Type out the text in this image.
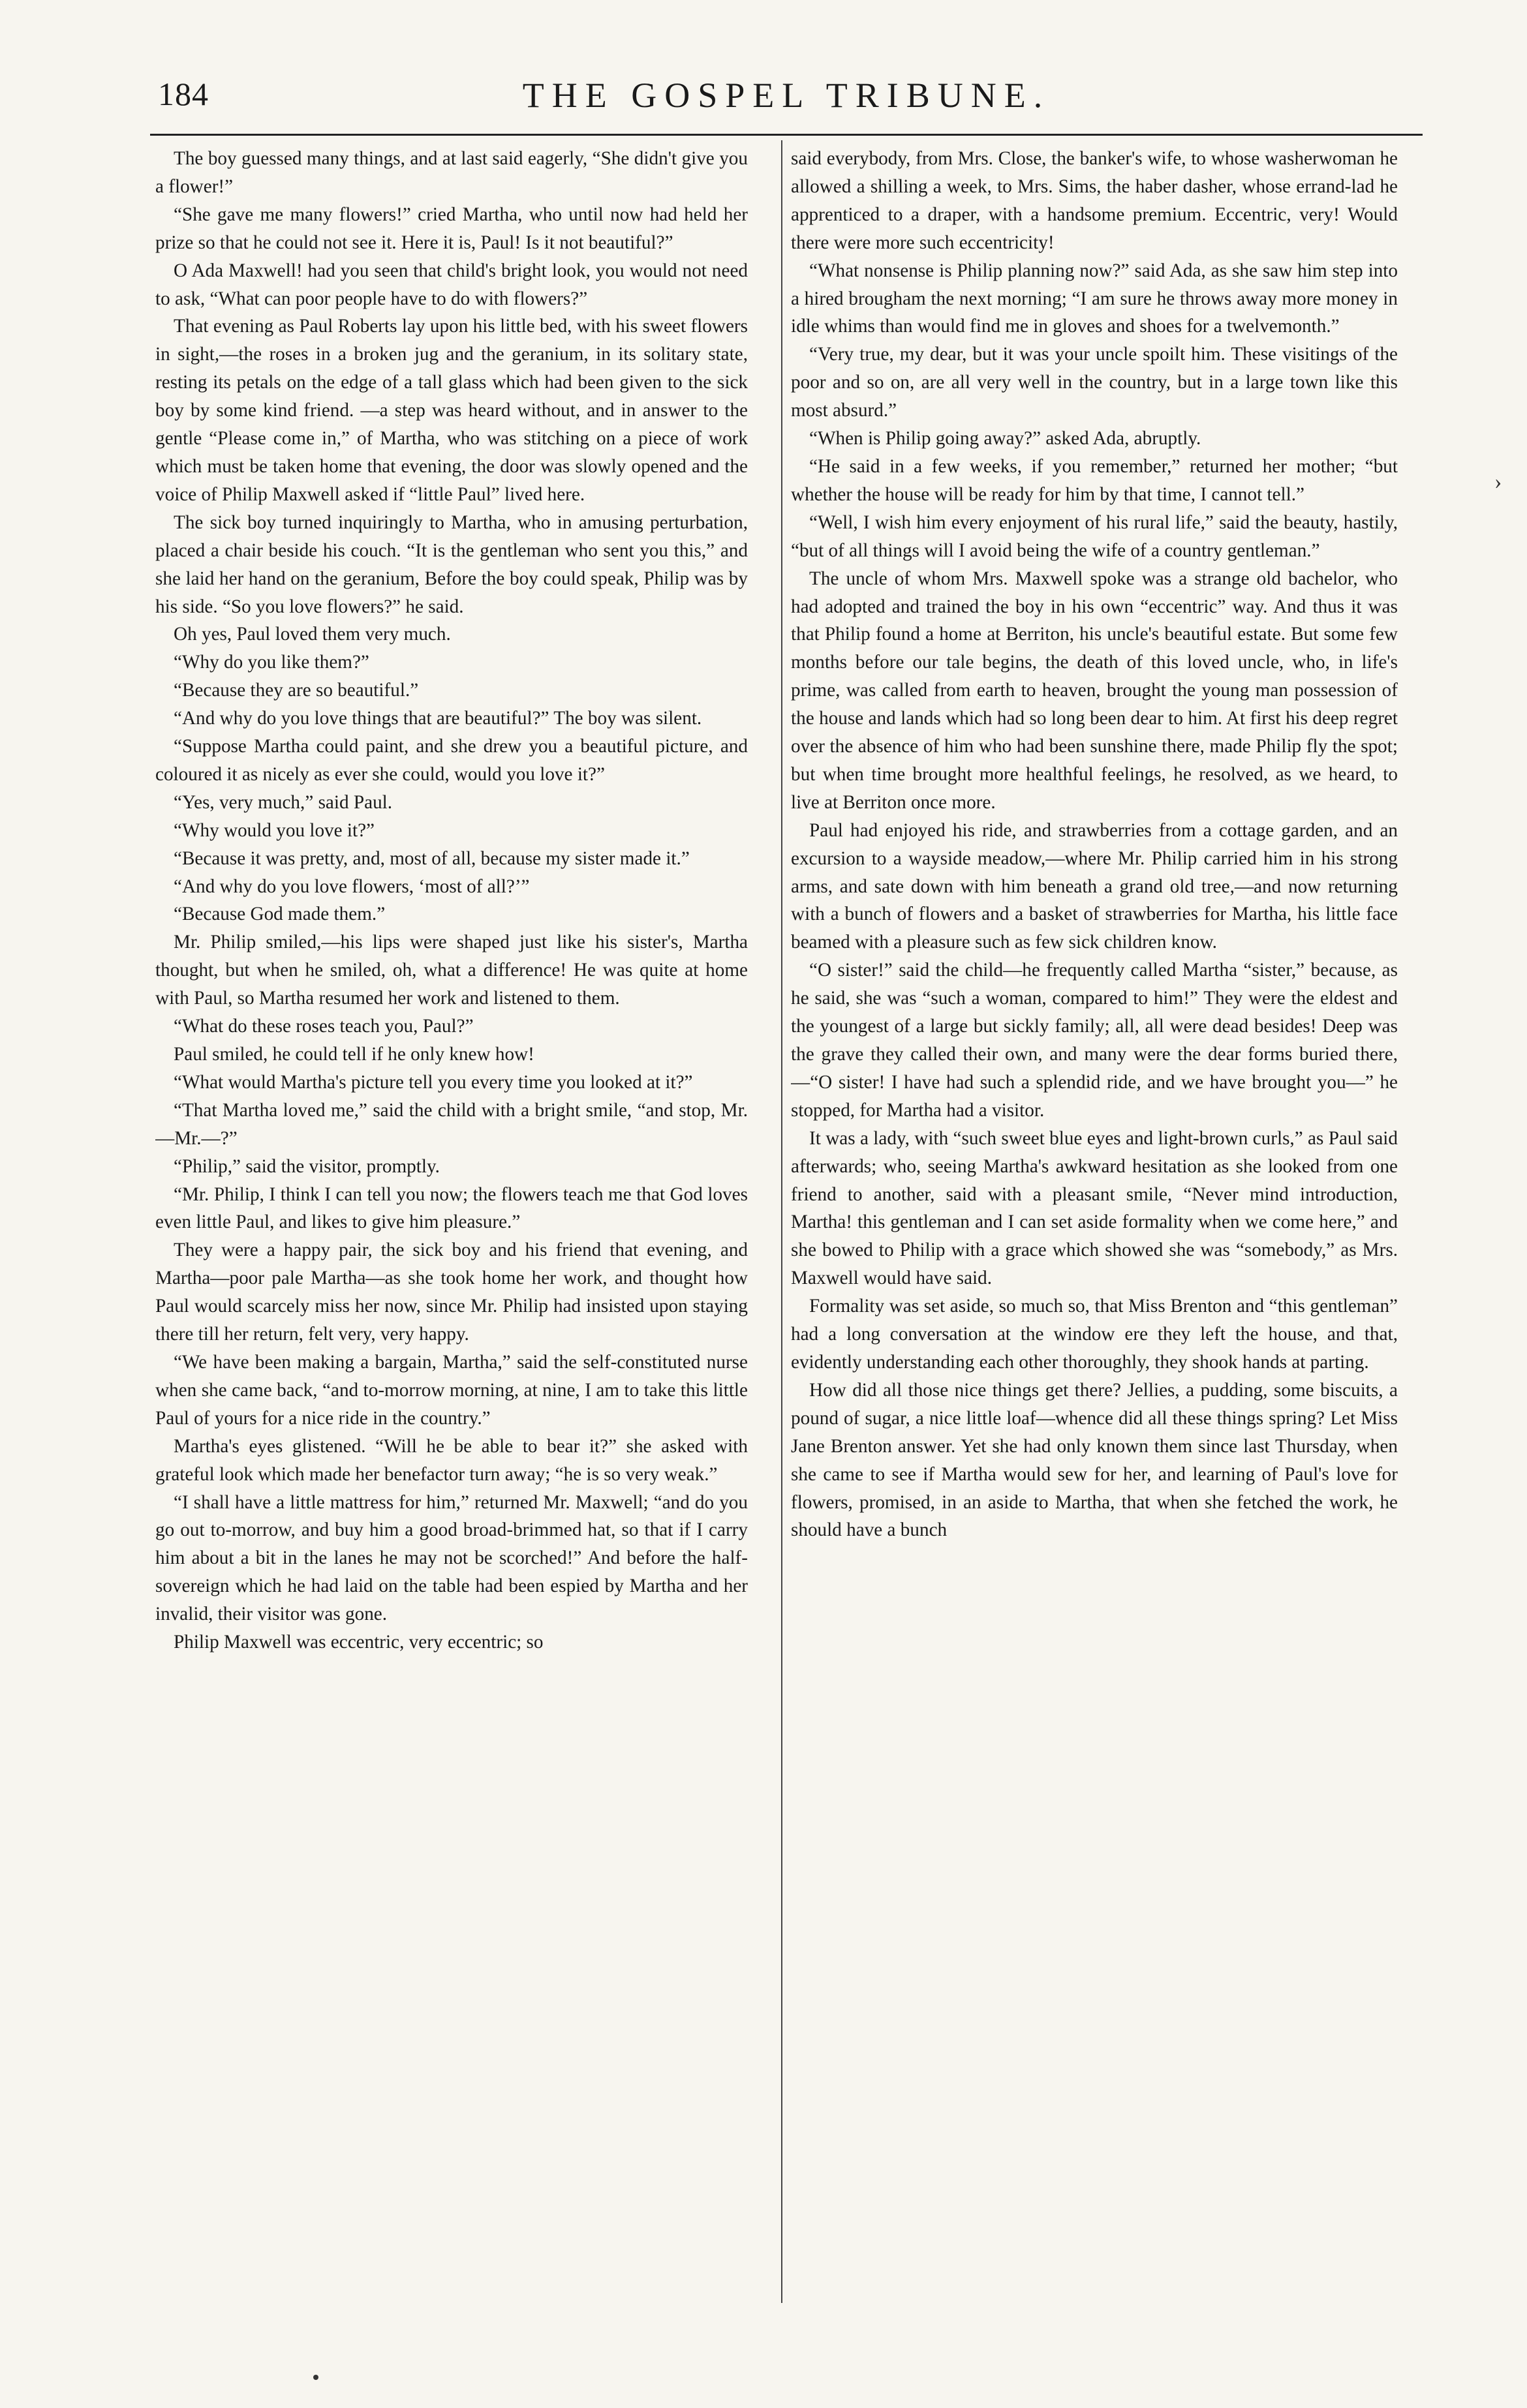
184	THE GOSPEL TRIBUNE.

The boy guessed many things, and at last said eagerly, “She didn't give you a flower!”

“She gave me many flowers!” cried Martha, who until now had held her prize so that he could not see it. Here it is, Paul! Is it not beautiful?”

O Ada Maxwell! had you seen that child's bright look, you would not need to ask, “What can poor people have to do with flowers?”

That evening as Paul Roberts lay upon his little bed, with his sweet flowers in sight,—the roses in a broken jug and the geranium, in its solitary state, resting its petals on the edge of a tall glass which had been given to the sick boy by some kind friend. —a step was heard without, and in answer to the gentle “Please come in,” of Martha, who was stitching on a piece of work which must be taken home that evening, the door was slowly opened and the voice of Philip Maxwell asked if “little Paul” lived here.

The sick boy turned inquiringly to Martha, who in amusing perturbation, placed a chair beside his couch. “It is the gentleman who sent you this,” and she laid her hand on the geranium, Before the boy could speak, Philip was by his side. “So you love flowers?” he said.

Oh yes, Paul loved them very much.

“Why do you like them?”

“Because they are so beautiful.”

“And why do you love things that are beautiful?” The boy was silent.

“Suppose Martha could paint, and she drew you a beautiful picture, and coloured it as nicely as ever she could, would you love it?”

“Yes, very much,” said Paul.

“Why would you love it?”

“Because it was pretty, and, most of all, because my sister made it.”

“And why do you love flowers, ‘most of all?’”

“Because God made them.”

Mr. Philip smiled,—his lips were shaped just like his sister's, Martha thought, but when he smiled, oh, what a difference! He was quite at home with Paul, so Martha resumed her work and listened to them.

“What do these roses teach you, Paul?”

Paul smiled, he could tell if he only knew how!

“What would Martha's picture tell you every time you looked at it?”

“That Martha loved me,” said the child with a bright smile, “and stop, Mr.—Mr.—?”

“Philip,” said the visitor, promptly.

“Mr. Philip, I think I can tell you now; the flowers teach me that God loves even little Paul, and likes to give him pleasure.”

They were a happy pair, the sick boy and his friend that evening, and Martha—poor pale Martha—as she took home her work, and thought how Paul would scarcely miss her now, since Mr. Philip had insisted upon staying there till her return, felt very, very happy.

“We have been making a bargain, Martha,” said the self-constituted nurse when she came back, “and to-morrow morning, at nine, I am to take this little Paul of yours for a nice ride in the country.”

Martha's eyes glistened. “Will he be able to bear it?” she asked with grateful look which made her benefactor turn away; “he is so very weak.”

“I shall have a little mattress for him,” returned Mr. Maxwell; “and do you go out to-morrow, and buy him a good broad-brimmed hat, so that if I carry him about a bit in the lanes he may not be scorched!” And before the half-sovereign which he had laid on the table had been espied by Martha and her invalid, their visitor was gone.

Philip Maxwell was eccentric, very eccentric; so

said everybody, from Mrs. Close, the banker's wife, to whose washerwoman he allowed a shilling a week, to Mrs. Sims, the haber dasher, whose errand-lad he apprenticed to a draper, with a handsome premium. Eccentric, very! Would there were more such eccentricity!

“What nonsense is Philip planning now?” said Ada, as she saw him step into a hired brougham the next morning; “I am sure he throws away more money in idle whims than would find me in gloves and shoes for a twelvemonth.”

“Very true, my dear, but it was your uncle spoilt him. These visitings of the poor and so on, are all very well in the country, but in a large town like this most absurd.”

“When is Philip going away?” asked Ada, abruptly.

“He said in a few weeks, if you remember,” returned her mother; “but whether the house will be ready for him by that time, I cannot tell.”

“Well, I wish him every enjoyment of his rural life,” said the beauty, hastily, “but of all things will I avoid being the wife of a country gentleman.”

The uncle of whom Mrs. Maxwell spoke was a strange old bachelor, who had adopted and trained the boy in his own “eccentric” way. And thus it was that Philip found a home at Berriton, his uncle's beautiful estate. But some few months before our tale begins, the death of this loved uncle, who, in life's prime, was called from earth to heaven, brought the young man possession of the house and lands which had so long been dear to him. At first his deep regret over the absence of him who had been sunshine there, made Philip fly the spot; but when time brought more healthful feelings, he resolved, as we heard, to live at Berriton once more.

Paul had enjoyed his ride, and strawberries from a cottage garden, and an excursion to a wayside meadow,—where Mr. Philip carried him in his strong arms, and sate down with him beneath a grand old tree,—and now returning with a bunch of flowers and a basket of strawberries for Martha, his little face beamed with a pleasure such as few sick children know.

“O sister!” said the child—he frequently called Martha “sister,” because, as he said, she was “such a woman, compared to him!” They were the eldest and the youngest of a large but sickly family; all, all were dead besides! Deep was the grave they called their own, and many were the dear forms buried there,—“O sister! I have had such a splendid ride, and we have brought you—” he stopped, for Martha had a visitor.

It was a lady, with “such sweet blue eyes and light-brown curls,” as Paul said afterwards; who, seeing Martha's awkward hesitation as she looked from one friend to another, said with a pleasant smile, “Never mind introduction, Martha! this gentleman and I can set aside formality when we come here,” and she bowed to Philip with a grace which showed she was “somebody,” as Mrs. Maxwell would have said.

Formality was set aside, so much so, that Miss Brenton and “this gentleman” had a long conversation at the window ere they left the house, and that, evidently understanding each other thoroughly, they shook hands at parting.

How did all those nice things get there? Jellies, a pudding, some biscuits, a pound of sugar, a nice little loaf—whence did all these things spring? Let Miss Jane Brenton answer. Yet she had only known them since last Thursday, when she came to see if Martha would sew for her, and learning of Paul's love for flowers, promised, in an aside to Martha, that when she fetched the work, he should have a bunch

›
